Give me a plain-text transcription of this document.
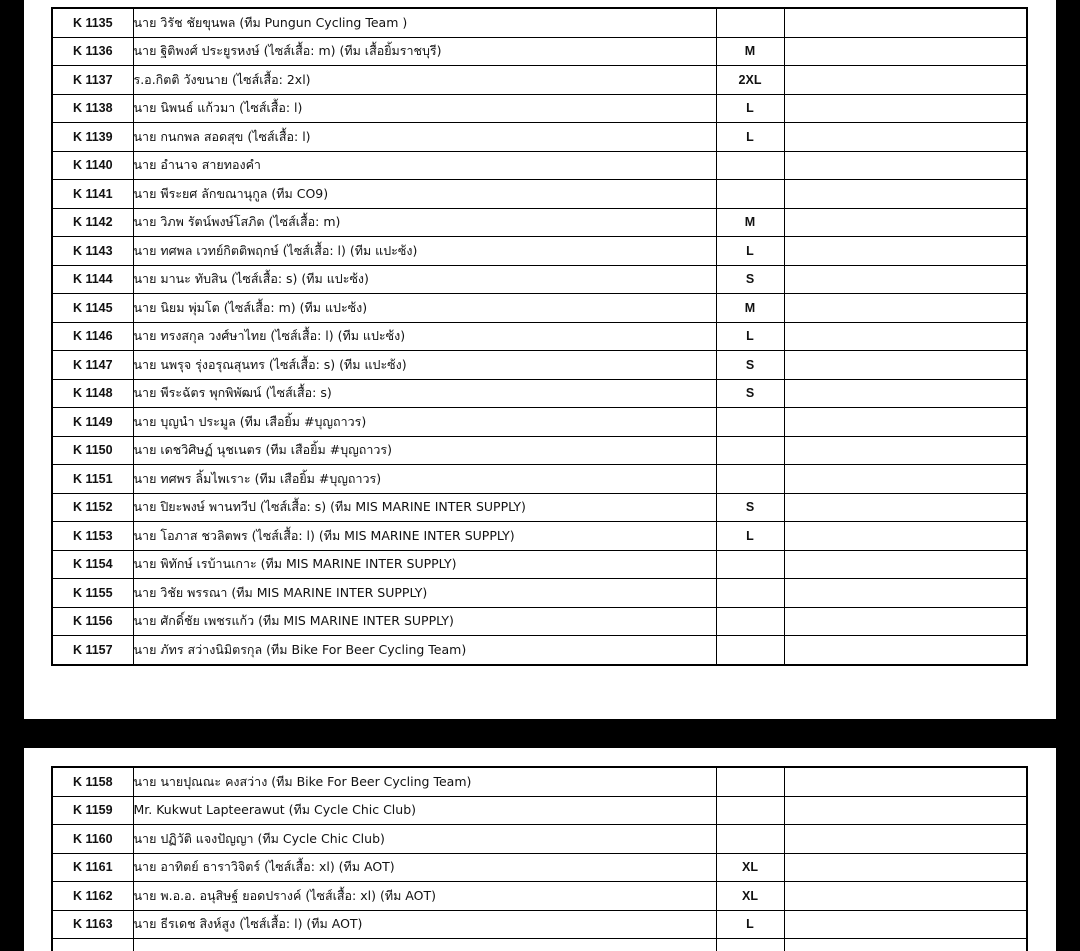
K 1135	นาย วิรัช ชัยขุนพล (ทีม Pungun Cycling Team )		
K 1136	นาย ฐิติพงศ์ ประยูรหงษ์ (ไซส์เสื้อ: m) (ทีม เสื้อยิ้มราชบุรี)	M	
K 1137	ร.อ.กิตติ วังขนาย (ไซส์เสื้อ: 2xl)	2XL	
K 1138	นาย นิพนธ์ แก้วมา (ไซส์เสื้อ: l)	L	
K 1139	นาย กนกพล สอดสุข (ไซส์เสื้อ: l)	L	
K 1140	นาย อำนาจ สายทองคำ		
K 1141	นาย พีระยศ ลักขณานุกูล (ทีม CO9)		
K 1142	นาย วิภพ รัตน์พงษ์โสภิต (ไซส์เสื้อ: m)	M	
K 1143	นาย ทศพล เวทย์กิตติพฤกษ์ (ไซส์เสื้อ: l) (ทีม แปะซ้ง)	L	
K 1144	นาย มานะ ทับสิน (ไซส์เสื้อ: s) (ทีม แปะซ้ง)	S	
K 1145	นาย นิยม พุ่มโต (ไซส์เสื้อ: m) (ทีม แปะซ้ง)	M	
K 1146	นาย ทรงสกุล วงศ์ษาไทย (ไซส์เสื้อ: l) (ทีม แปะซ้ง)	L	
K 1147	นาย นพรุจ รุ่งอรุณสุนทร (ไซส์เสื้อ: s) (ทีม แปะซ้ง)	S	
K 1148	นาย พีระฉัตร พุกพิพัฒน์ (ไซส์เสื้อ: s)	S	
K 1149	นาย บุญนำ ประมูล (ทีม เสือยิ้ม #บุญถาวร)		
K 1150	นาย เดชวิศิษฏ์ นุชเนตร (ทีม เสือยิ้ม #บุญถาวร)		
K 1151	นาย ทศพร ลิ้มไพเราะ (ทีม เสือยิ้ม #บุญถาวร)		
K 1152	นาย ปิยะพงษ์ พานทวีป (ไซส์เสื้อ: s) (ทีม MIS MARINE INTER SUPPLY)	S	
K 1153	นาย โอภาส ชวลิตพร (ไซส์เสื้อ: l) (ทีม MIS MARINE INTER SUPPLY)	L	
K 1154	นาย พิทักษ์ เรบ้านเกาะ (ทีม MIS MARINE INTER SUPPLY)		
K 1155	นาย วิชัย พรรณา (ทีม MIS MARINE INTER SUPPLY)		
K 1156	นาย ศักดิ์ชัย เพชรแก้ว (ทีม MIS MARINE INTER SUPPLY)		
K 1157	นาย ภัทร สว่างนิมิตรกุล (ทีม Bike For Beer Cycling Team)		
K 1158	นาย นายปุณณะ คงสว่าง (ทีม Bike For Beer Cycling Team)		
K 1159	Mr. Kukwut Lapteerawut (ทีม Cycle Chic Club)		
K 1160	นาย ปฏิวัติ แจงปัญญา (ทีม Cycle Chic Club)		
K 1161	นาย อาทิตย์ ธาราวิจิตร์ (ไซส์เสื้อ: xl) (ทีม AOT)	XL	
K 1162	นาย พ.อ.อ. อนุสิษฐ์ ยอดปรางค์ (ไซส์เสื้อ: xl) (ทีม AOT)	XL	
K 1163	นาย ธีรเดช สิงห์สูง (ไซส์เสื้อ: l) (ทีม AOT)	L	
